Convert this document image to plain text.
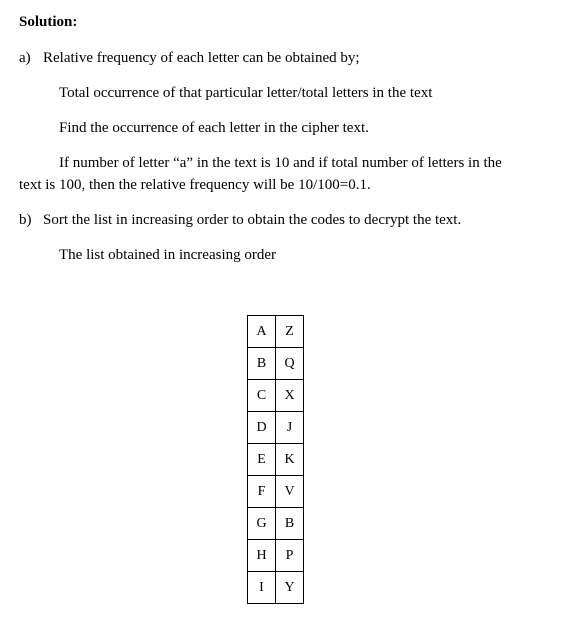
Solution:
a) Relative frequency of each letter can be obtained by;
Total occurrence of that particular letter/total letters in the text
Find the occurrence of each letter in the cipher text.
If number of letter “a” in the text is 10 and if total number of letters in the
text is 100, then the relative frequency will be 10/100=0.1.
b) Sort the list in increasing order to obtain the codes to decrypt the text.
The list obtained in increasing order
A	Z
B	Q
C	X
D	J
E	K
F	V
G	B
H	P
I	Y
